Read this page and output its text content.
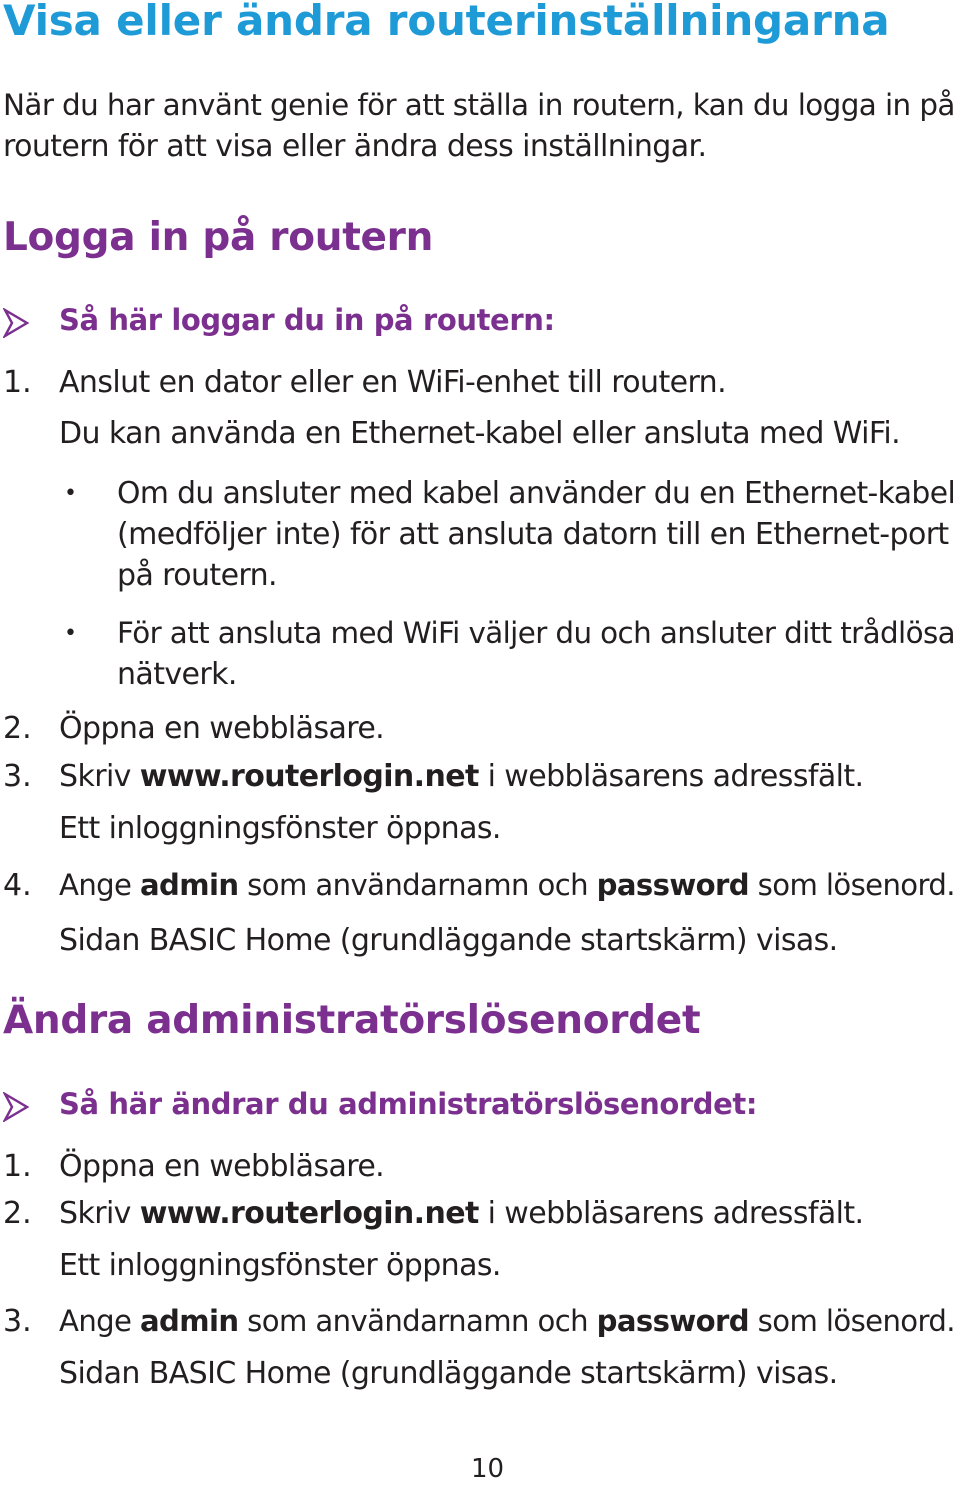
Visa eller ändra routerinställningarna
När du har använt genie för att ställa in routern, kan du logga in på
routern för att visa eller ändra dess inställningar.
Logga in på routern
Så här loggar du in på routern:
1. Anslut en dator eller en WiFi-enhet till routern.
Du kan använda en Ethernet-kabel eller ansluta med WiFi.
• Om du ansluter med kabel använder du en Ethernet-kabel
(medföljer inte) för att ansluta datorn till en Ethernet-port
på routern.
• För att ansluta med WiFi väljer du och ansluter ditt trådlösa
nätverk.
2. Öppna en webbläsare.
3. Skriv www.routerlogin.net i webbläsarens adressfält.
Ett inloggningsfönster öppnas.
4. Ange admin som användarnamn och password som lösenord.
Sidan BASIC Home (grundläggande startskärm) visas.
Ändra administratörslösenordet
Så här ändrar du administratörslösenordet:
1. Öppna en webbläsare.
2. Skriv www.routerlogin.net i webbläsarens adressfält.
Ett inloggningsfönster öppnas.
3. Ange admin som användarnamn och password som lösenord.
Sidan BASIC Home (grundläggande startskärm) visas.
10
